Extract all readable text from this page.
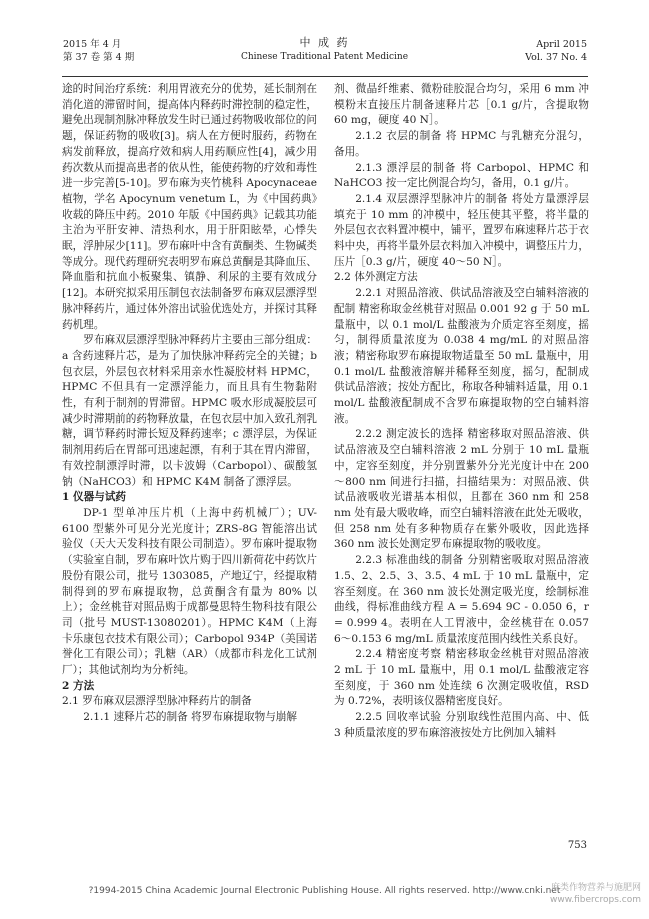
2015 年 4 月
第 37 卷 第 4 期
中 成 药
Chinese Traditional Patent Medicine
April 2015
Vol. 37 No. 4

途的时间治疗系统：利用胃液充分的优势，延长制剂在消化道的滞留时间，提高体内释药时滞控制的稳定性，避免出现制剂脉冲释放发生时已通过药物吸收部位的问题，保证药物的吸收[3]。病人在方便时服药，药物在病发前释放，提高疗效和病人用药顺应性[4]，减少用药次数从而提高患者的依从性，能使药物的疗效和毒性进一步完善[5-10]。罗布麻为夹竹桃科 Apocynaceae 植物，学名 Apocynum venetum L，为《中国药典》收载的降压中药。2010 年版《中国药典》记载其功能主治为平肝安神、清热利水，用于肝阳眩晕，心悸失眠，浮肿尿少[11]。罗布麻叶中含有黄酮类、生物碱类等成分。现代药理研究表明罗布麻总黄酮是其降血压、降血脂和抗血小板聚集、镇静、利尿的主要有效成分[12]。本研究拟采用压制包衣法制备罗布麻双层漂浮型脉冲释药片，通过体外溶出试验优选处方，并探讨其释药机理。

罗布麻双层漂浮型脉冲释药片主要由三部分组成：a 含药速释片芯，是为了加快脉冲释药完全的关键；b 包衣层，外层包衣材料采用亲水性凝胶材料 HPMC，HPMC 不但具有一定漂浮能力，而且具有生物黏附性，有利于制剂的胃滞留。HPMC 吸水形成凝胶层可减少时滞期前的药物释放量，在包衣层中加入致孔剂乳糖，调节释药时滞长短及释药速率；c 漂浮层，为保证制剂用药后在胃部可迅速起漂，有利于其在胃内滞留，有效控制漂浮时滞，以卡波姆（Carbopol）、碳酸氢钠（NaHCO3）和 HPMC K4M 制备了漂浮层。

1 仪器与试药

DP-1 型单冲压片机（上海中药机械厂）；UV-6100 型紫外可见分光光度计；ZRS-8G 智能溶出试验仪（天大天发科技有限公司制造）。罗布麻叶提取物（实验室自制，罗布麻叶饮片购于四川新荷花中药饮片股份有限公司，批号 1303085，产地辽宁，经提取精制得到的罗布麻提取物，总黄酮含有量为 80% 以上）；金丝桃苷对照品购于成都曼思特生物科技有限公司（批号 MUST-13080201）。HPMC K4M（上海卡乐康包衣技术有限公司）；Carbopol 934P（美国诺誉化工有限公司）；乳糖（AR）（成都市科龙化工试剂厂）；其他试剂均为分析纯。

2 方法

2.1 罗布麻双层漂浮型脉冲释药片的制备

2.1.1 速释片芯的制备 将罗布麻提取物与崩解

剂、微晶纤维素、微粉硅胶混合均匀，采用 6 mm 冲模粉末直接压片制备速释片芯［0.1 g/片，含提取物 60 mg，硬度 40 N］。

2.1.2 衣层的制备 将 HPMC 与乳糖充分混匀，备用。

2.1.3 漂浮层的制备 将 Carbopol、HPMC 和 NaHCO3 按一定比例混合均匀，备用，0.1 g/片。

2.1.4 双层漂浮型脉冲片的制备 将处方量漂浮层填充于 10 mm 的冲模中，轻压使其平整，将半量的外层包衣衣料置冲模中，铺平，置罗布麻速释片芯于衣料中央，再将半量外层衣料加入冲模中，调整压片力，压片［0.3 g/片，硬度 40～50 N］。

2.2 体外测定方法

2.2.1 对照品溶液、供试品溶液及空白辅料溶液的配制 精密称取金丝桃苷对照品 0.001 92 g 于 50 mL 量瓶中，以 0.1 mol/L 盐酸液为介质定容至刻度，摇匀，制得质量浓度为 0.038 4 mg/mL 的对照品溶液；精密称取罗布麻提取物适量至 50 mL 量瓶中，用 0.1 mol/L 盐酸液溶解并稀释至刻度，摇匀，配制成供试品溶液；按处方配比，称取各种辅料适量，用 0.1 mol/L 盐酸液配制成不含罗布麻提取物的空白辅料溶液。

2.2.2 测定波长的选择 精密移取对照品溶液、供试品溶液及空白辅料溶液 2 mL 分别于 10 mL 量瓶中，定容至刻度，并分别置紫外分光光度计中在 200～800 nm 间进行扫描，扫描结果为：对照品液、供试品液吸收光谱基本相似，且都在 360 nm 和 258 nm 处有最大吸收峰，而空白辅料溶液在此处无吸收，但 258 nm 处有多种物质存在紫外吸收，因此选择 360 nm 波长处测定罗布麻提取物的吸收度。

2.2.3 标准曲线的制备 分别精密吸取对照品溶液 1.5、2、2.5、3、3.5、4 mL 于 10 mL 量瓶中，定容至刻度。在 360 nm 波长处测定吸光度，绘制标准曲线，得标准曲线方程 A = 5.694 9C - 0.050 6，r = 0.999 4。表明在人工胃液中，金丝桃苷在 0.057 6～0.153 6 mg/mL 质量浓度范围内线性关系良好。

2.2.4 精密度考察 精密移取金丝桃苷对照品溶液 2 mL 于 10 mL 量瓶中，用 0.1 mol/L 盐酸液定容至刻度，于 360 nm 处连续 6 次测定吸收值，RSD 为 0.72%，表明该仪器精密度良好。

2.2.5 回收率试验 分别取线性范围内高、中、低 3 种质量浓度的罗布麻溶液按处方比例加入辅料

753
?1994-2015 China Academic Journal Electronic Publishing House. All rights reserved. http://www.cnki.net
麻类作物营养与施肥网
www.fibercrops.com
